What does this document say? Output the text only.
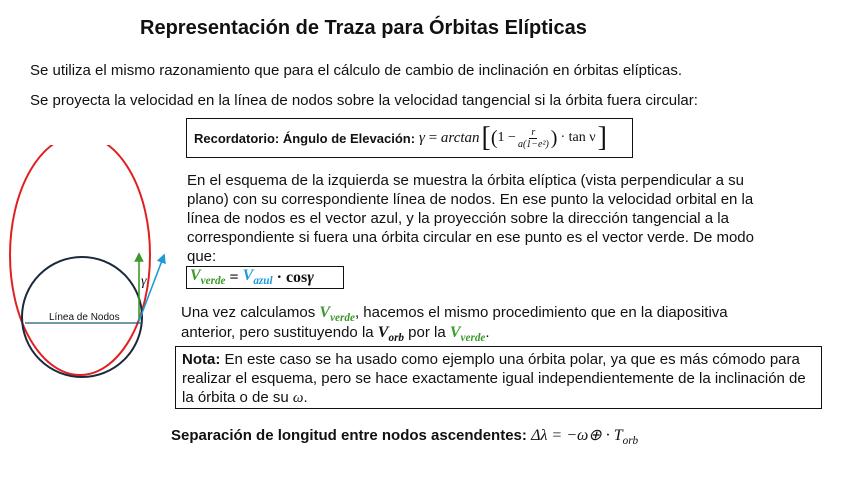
Representación de Traza para Órbitas Elípticas
Se utiliza el mismo razonamiento que para el cálculo de cambio de inclinación en órbitas elípticas.
Se proyecta la velocidad en la línea de nodos sobre la velocidad tangencial si la órbita fuera circular:
Recordatorio: Ángulo de Elevación: γ = arctan [ ( $1 - \frac{r}{\text{a(1−e²)}}$ ) · tan ν ]
En el esquema de la izquierda se muestra la órbita elíptica (vista perpendicular a su plano) con su correspondiente línea de nodos. En ese punto la velocidad orbital en la línea de nodos es el vector azul, y la proyección sobre la dirección tangencial a la correspondiente si fuera una órbita circular en ese punto es el vector verde. De modo que:
$V_{verde} = V_{azul} \cdot \cos \gamma$
Una vez calculamos $V_{verde}$, hacemos el mismo procedimiento que en la diapositiva
anterior, pero sustituyendo la $V_{orb}$ por la $V_{verde}$.
Nota: En este caso se ha usado como ejemplo una órbita polar, ya que es más cómodo para realizar el esquema, pero se hace exactamente igual independientemente de la inclinación de la órbita o de su ω.
Separación de longitud entre nodos ascendentes: Δλ = −ω⊕ · $T_{orb}$
γ
Línea de Nodos
